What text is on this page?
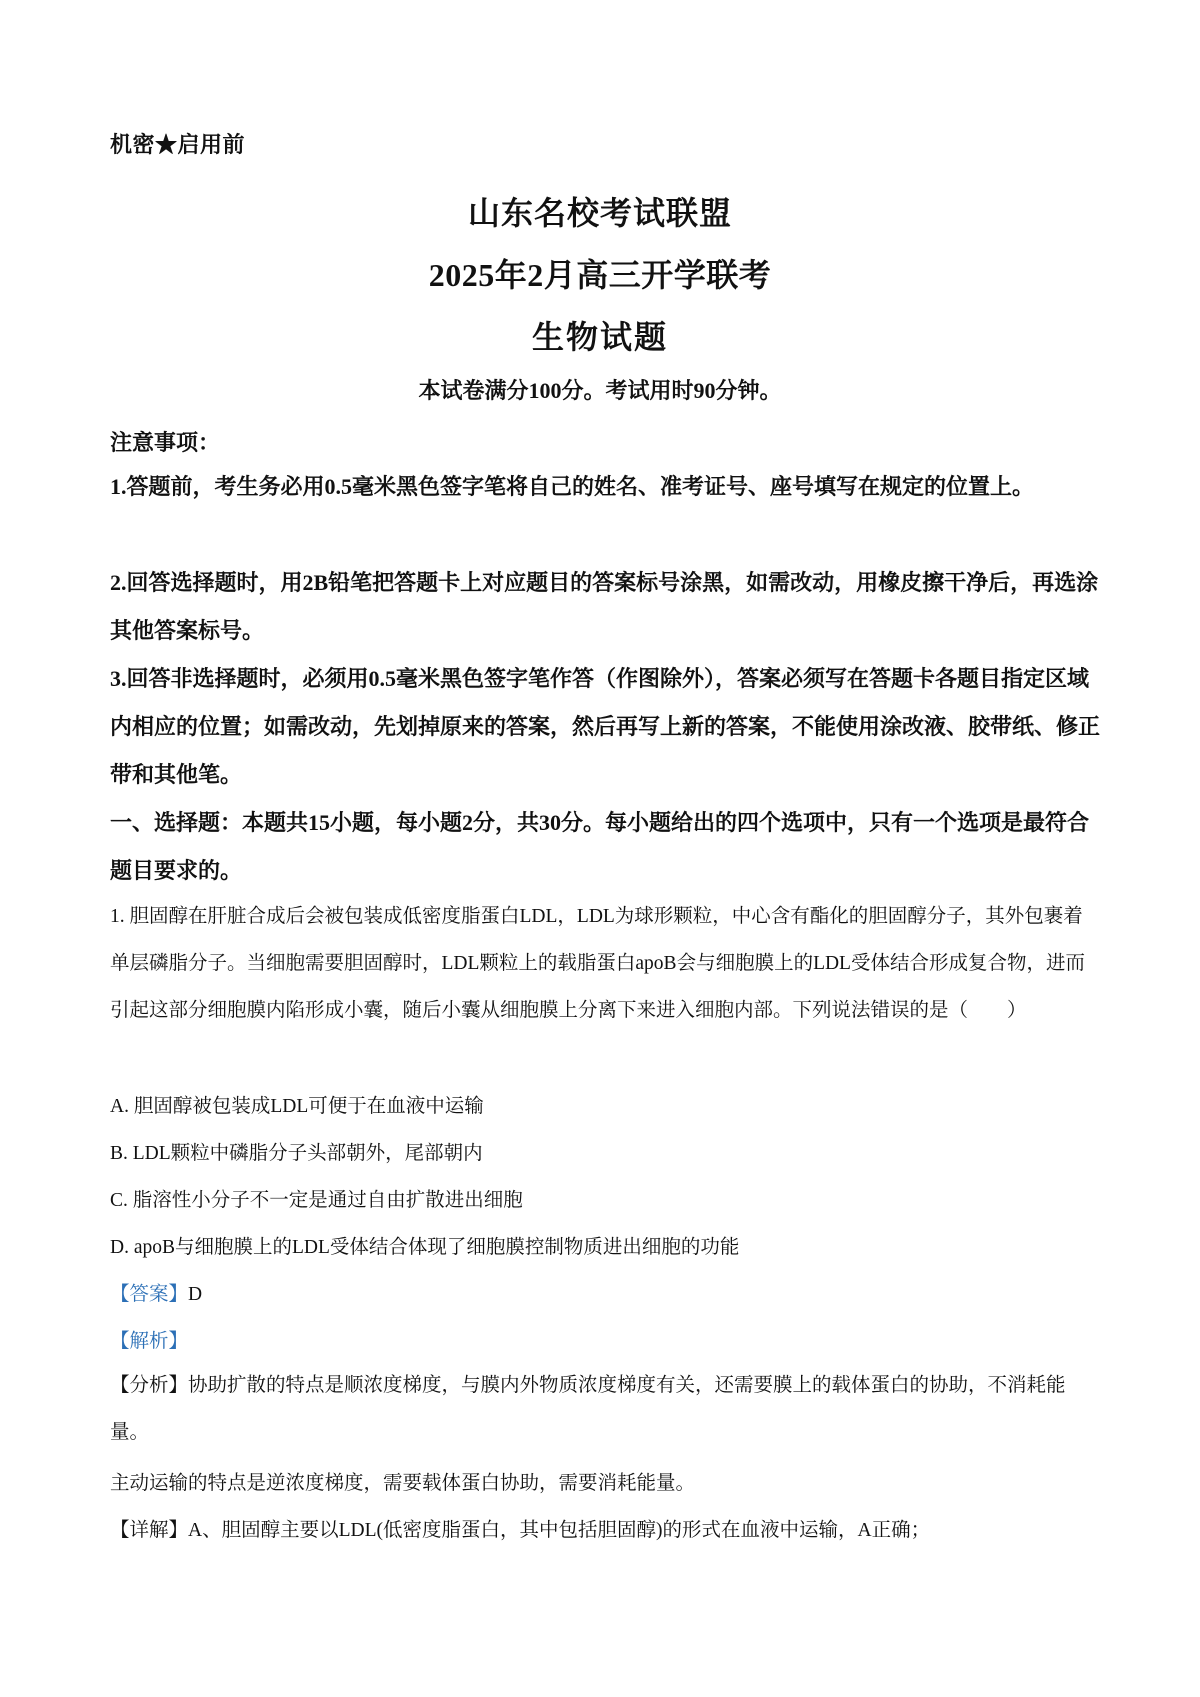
机密★启用前
山东名校考试联盟
2025年2月高三开学联考
生物试题
本试卷满分100分。考试用时90分钟。
注意事项：
1.答题前，考生务必用0.5毫米黑色签字笔将自己的姓名、准考证号、座号填写在规定的位置上。
2.回答选择题时，用2B铅笔把答题卡上对应题目的答案标号涂黑，如需改动，用橡皮擦干净后，再选涂其他答案标号。
3.回答非选择题时，必须用0.5毫米黑色签字笔作答（作图除外），答案必须写在答题卡各题目指定区域内相应的位置；如需改动，先划掉原来的答案，然后再写上新的答案，不能使用涂改液、胶带纸、修正带和其他笔。
一、选择题：本题共15小题，每小题2分，共30分。每小题给出的四个选项中，只有一个选项是最符合题目要求的。
1. 胆固醇在肝脏合成后会被包装成低密度脂蛋白LDL，LDL为球形颗粒，中心含有酯化的胆固醇分子，其外包裹着单层磷脂分子。当细胞需要胆固醇时，LDL颗粒上的载脂蛋白apoB会与细胞膜上的LDL受体结合形成复合物，进而引起这部分细胞膜内陷形成小囊，随后小囊从细胞膜上分离下来进入细胞内部。下列说法错误的是（　　）
A. 胆固醇被包装成LDL可便于在血液中运输
B. LDL颗粒中磷脂分子头部朝外，尾部朝内
C. 脂溶性小分子不一定是通过自由扩散进出细胞
D. apoB与细胞膜上的LDL受体结合体现了细胞膜控制物质进出细胞的功能
【答案】D
【解析】
【分析】协助扩散的特点是顺浓度梯度，与膜内外物质浓度梯度有关，还需要膜上的载体蛋白的协助，不消耗能量。
主动运输的特点是逆浓度梯度，需要载体蛋白协助，需要消耗能量。
【详解】A、胆固醇主要以LDL(低密度脂蛋白，其中包括胆固醇)的形式在血液中运输，A正确；
